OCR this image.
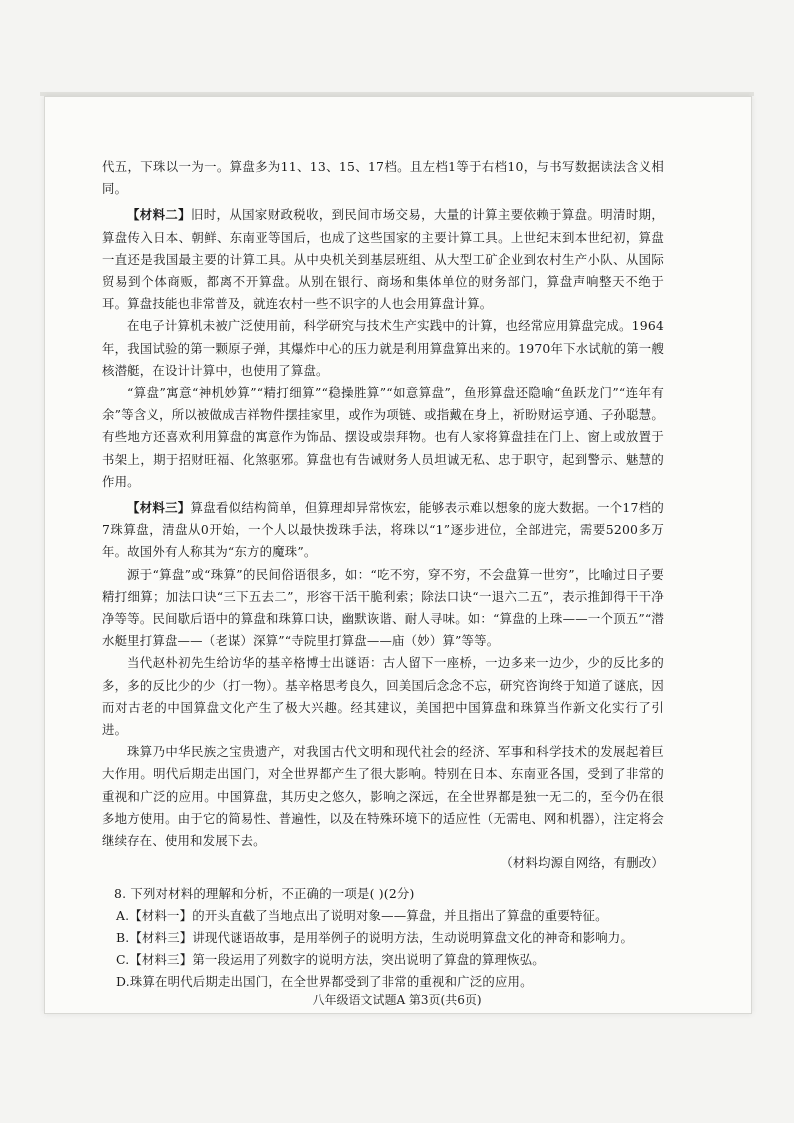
代五，下珠以一为一。算盘多为11、13、15、17档。且左档1等于右档10，与书写数据读法含义相同。

【材料二】旧时，从国家财政税收，到民间市场交易，大量的计算主要依赖于算盘。明清时期，算盘传入日本、朝鲜、东南亚等国后，也成了这些国家的主要计算工具。上世纪末到本世纪初，算盘一直还是我国最主要的计算工具。从中央机关到基层班组、从大型工矿企业到农村生产小队、从国际贸易到个体商贩，都离不开算盘。从别在银行、商场和集体单位的财务部门，算盘声响整天不绝于耳。算盘技能也非常普及，就连农村一些不识字的人也会用算盘计算。

在电子计算机未被广泛使用前，科学研究与技术生产实践中的计算，也经常应用算盘完成。1964年，我国试验的第一颗原子弹，其爆炸中心的压力就是利用算盘算出来的。1970年下水试航的第一艘核潜艇，在设计计算中，也使用了算盘。

“算盘”寓意“神机妙算”“精打细算”“稳操胜算”“如意算盘”，鱼形算盘还隐喻“鱼跃龙门”“连年有余”等含义，所以被做成吉祥物件摆挂家里，或作为项链、或指戴在身上，祈盼财运亨通、子孙聪慧。有些地方还喜欢利用算盘的寓意作为饰品、摆设或崇拜物。也有人家将算盘挂在门上、窗上或放置于书架上，期于招财旺福、化煞驱邪。算盘也有告诫财务人员坦诚无私、忠于职守，起到警示、魅慧的作用。

【材料三】算盘看似结构简单，但算理却异常恢宏，能够表示难以想象的庞大数据。一个17档的7珠算盘，清盘从0开始，一个人以最快拨珠手法，将珠以“1”逐步进位，全部进完，需要5200多万年。故国外有人称其为“东方的魔珠”。

源于“算盘”或“珠算”的民间俗语很多，如：“吃不穷，穿不穷，不会盘算一世穷”，比喻过日子要精打细算；加法口诀“三下五去二”，形容干活干脆利索；除法口诀“一退六二五”，表示推卸得干干净净等等。民间歇后语中的算盘和珠算口诀，幽默诙谐、耐人寻味。如：“算盘的上珠——一个顶五”“潜水艇里打算盘——（老谋）深算”“寺院里打算盘——庙（妙）算”等等。

当代赵朴初先生给访华的基辛格博士出谜语：古人留下一座桥，一边多来一边少，少的反比多的多，多的反比少的少（打一物）。基辛格思考良久，回美国后念念不忘，研究咨询终于知道了谜底，因而对古老的中国算盘文化产生了极大兴趣。经其建议，美国把中国算盘和珠算当作新文化实行了引进。

珠算乃中华民族之宝贵遗产，对我国古代文明和现代社会的经济、军事和科学技术的发展起着巨大作用。明代后期走出国门，对全世界都产生了很大影响。特别在日本、东南亚各国，受到了非常的重视和广泛的应用。中国算盘，其历史之悠久，影响之深远，在全世界都是独一无二的，至今仍在很多地方使用。由于它的简易性、普遍性，以及在特殊环境下的适应性（无需电、网和机器），注定将会继续存在、使用和发展下去。

（材料均源自网络，有删改）

8. 下列对材料的理解和分析，不正确的一项是( )(2分)

A.【材料一】的开头直截了当地点出了说明对象——算盘，并且指出了算盘的重要特征。

B.【材料三】讲现代谜语故事，是用举例子的说明方法，生动说明算盘文化的神奇和影响力。

C.【材料三】第一段运用了列数字的说明方法，突出说明了算盘的算理恢弘。

D.珠算在明代后期走出国门，在全世界都受到了非常的重视和广泛的应用。

八年级语文试题A 第3页(共6页)
